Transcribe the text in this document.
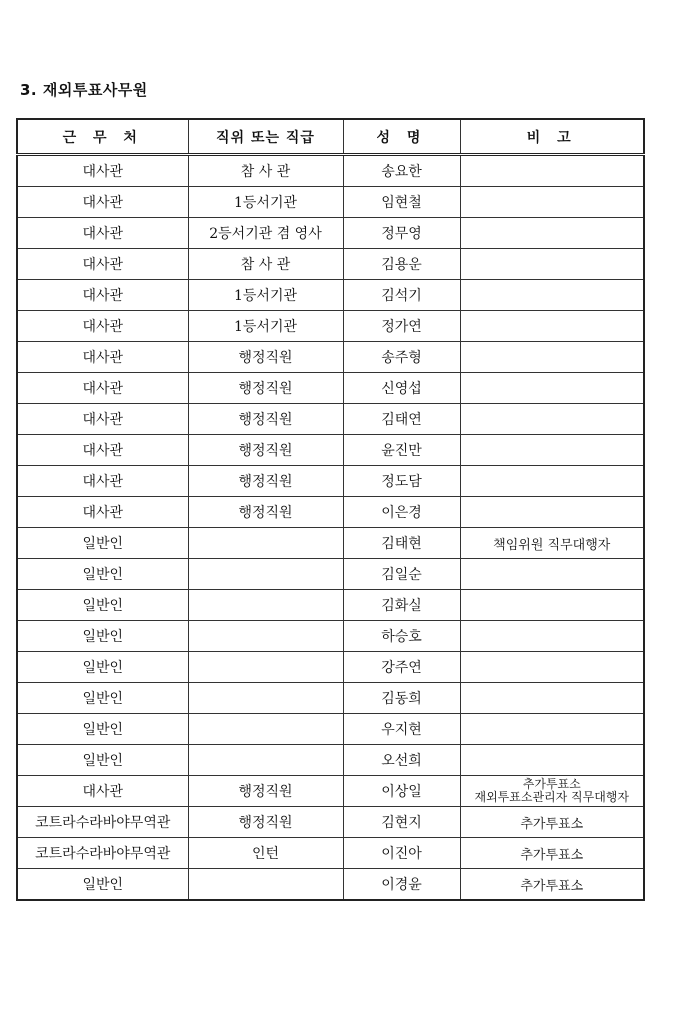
3. 재외투표사무원
근 무 처	직위 또는 직급	성 명	비 고
대사관	참 사 관	송요한	
대사관	1등서기관	임현철	
대사관	2등서기관 겸 영사	정무영	
대사관	참 사 관	김용운	
대사관	1등서기관	김석기	
대사관	1등서기관	정가연	
대사관	행정직원	송주형	
대사관	행정직원	신영섭	
대사관	행정직원	김태연	
대사관	행정직원	윤진만	
대사관	행정직원	정도담	
대사관	행정직원	이은경	
일반인		김태현	책임위원 직무대행자
일반인		김일순	
일반인		김화실	
일반인		하승호	
일반인		강주연	
일반인		김동희	
일반인		우지현	
일반인		오선희	
대사관	행정직원	이상일	추가투표소
재외투표소관리자 직무대행자

코트라수라바야무역관	행정직원	김현지	추가투표소
코트라수라바야무역관	인턴	이진아	추가투표소
일반인		이경윤	추가투표소
